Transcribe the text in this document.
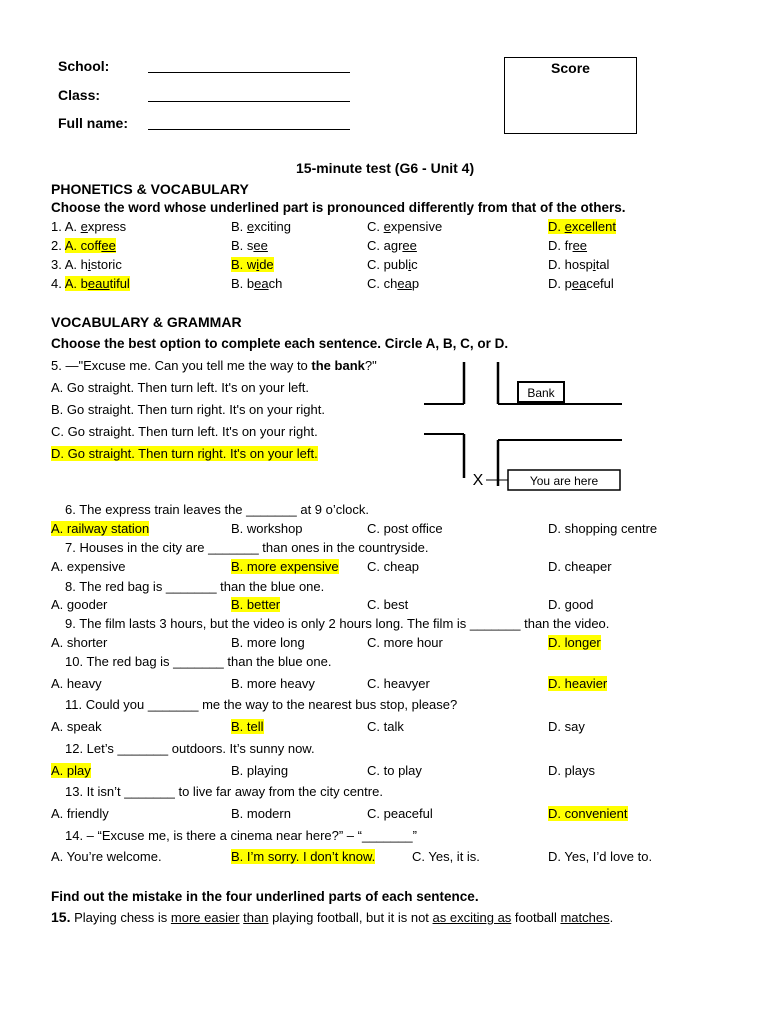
School:
Class:
Full name:
Score
15-minute test (G6 - Unit 4)
PHONETICS & VOCABULARY
Choose the word whose underlined part is pronounced differently from that of the others.
1. A. express	B. exciting	C. expensive	D. excellent
2. A. coffee	B. see	C. agree	D. free
3. A. historic	B. wide	C. public	D. hospital
4. A. beautiful	B. beach	C. cheap	D. peaceful
VOCABULARY & GRAMMAR
Choose the best option to complete each sentence. Circle A, B, C, or D.
5. —"Excuse me. Can you tell me the way to the bank?"
A. Go straight. Then turn left. It's on your left.
B. Go straight. Then turn right. It's on your right.
C. Go straight. Then turn left. It's on your right.
D. Go straight. Then turn right. It's on your left.
Bank
X	You are here
6. The express train leaves the _______ at 9 o’clock.
A. railway station	B. workshop	C. post office	D. shopping centre
7. Houses in the city are _______ than ones in the countryside.
A. expensive	B. more expensive C. cheap	D. cheaper
8. The red bag is _______ than the blue one.
A. gooder	B. better	C. best	D. good
9. The film lasts 3 hours, but the video is only 2 hours long. The film is _______ than the video.
A. shorter	B. more long	C. more hour	D. longer
10. The red bag is _______ than the blue one.
A. heavy	B. more heavy	C. heavyer	D. heavier
11. Could you _______ me the way to the nearest bus stop, please?
A. speak	B. tell	C. talk	D. say
12. Let’s _______ outdoors. It’s sunny now.
A. play	B. playing	C. to play	D. plays
13. It isn’t _______ to live far away from the city centre.
A. friendly	B. modern	C. peaceful	D. convenient
14. – “Excuse me, is there a cinema near here?” – “_______”
A. You’re welcome.	B. I’m sorry. I don’t know.	C. Yes, it is.	D. Yes, I’d love to.
Find out the mistake in the four underlined parts of each sentence.
15. Playing chess is more easier than playing football, but it is not as exciting as football matches.
